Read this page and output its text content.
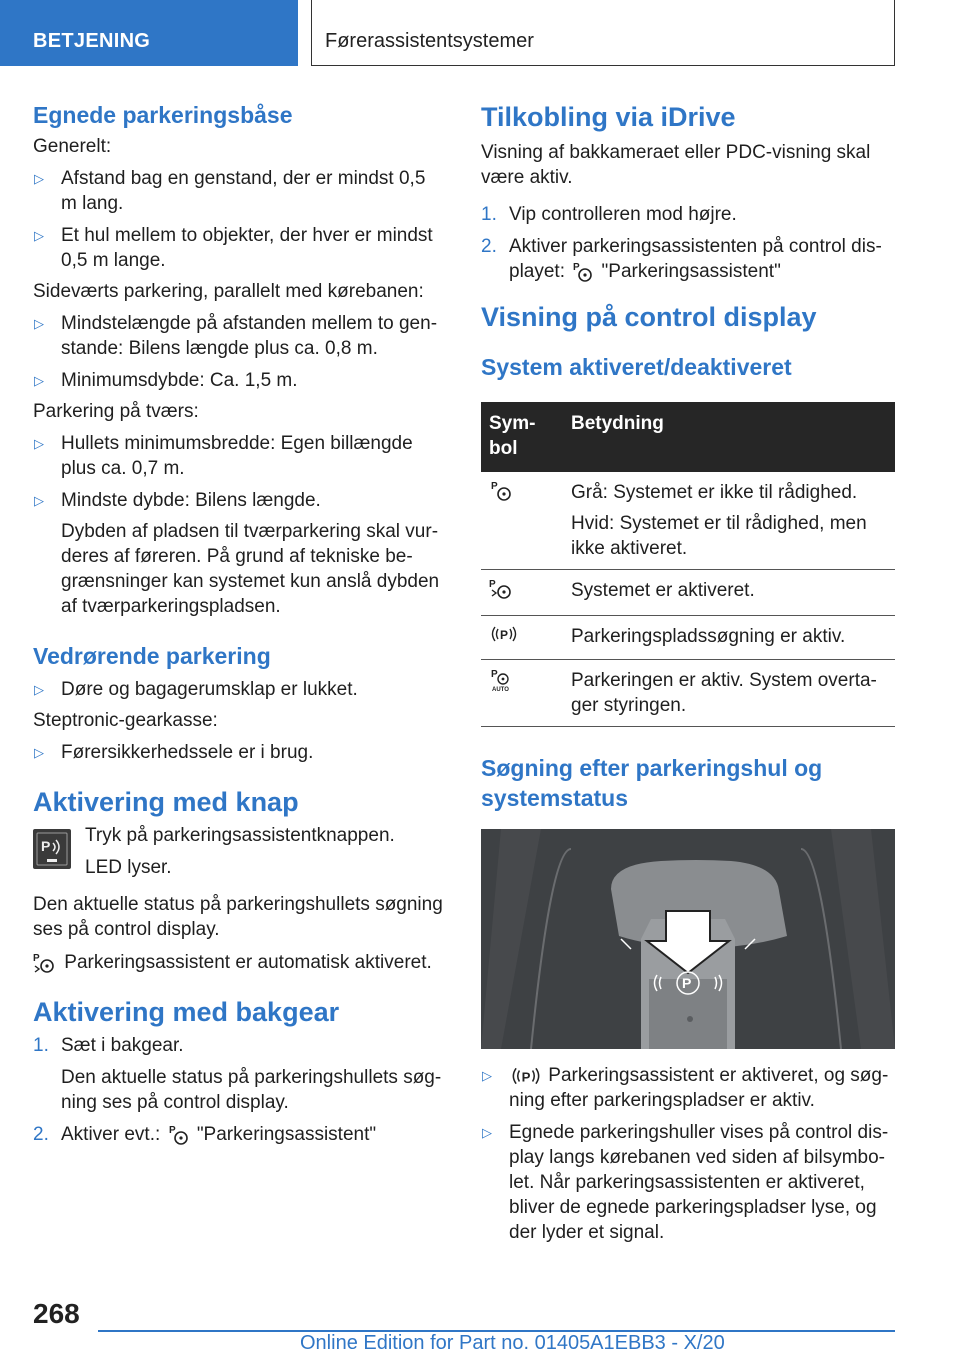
BETJENING	Førerassistentsystemer
Egnede parkeringsbåse

Generelt:

▷ Afstand bag en genstand, der er mindst 0,5 m lang.
▷ Et hul mellem to objekter, der hver er mindst 0,5 m lange.

Sideværts parkering, parallelt med kørebanen:

▷ Mindstelængde på afstanden mellem to genstande: Bilens længde plus ca. 0,8 m.
▷ Minimumsdybde: Ca. 1,5 m.

Parkering på tværs:

▷ Hullets minimumsbredde: Egen billængde plus ca. 0,7 m.
▷ Mindste dybde: Bilens længde.

Dybden af pladsen til tværparkering skal vurderes af føreren. På grund af tekniske begrænsninger kan systemet kun anslå dybden af tværparkeringspladsen.

Vedrørende parkering
▷ Døre og bagagerumsklap er lukket.

Steptronic-gearkasse:

▷ Førersikkerhedssele er i brug.
Aktivering med knap
P Tryk på parkeringsassistentknappen.

LED lyser.

Den aktuelle status på parkeringshullets søgning ses på control display.

P Parkeringsassistent er automatisk aktiveret.

Aktivering med bakgear
1. Sæt i bakgear.

Den aktuelle status på parkeringshullets søgning ses på control display.

2. Aktiver evt.: P "Parkeringsassistent"
Tilkobling via iDrive

Visning af bakkameraet eller PDC-visning skal være aktiv.

1. Vip controlleren mod højre.
2. Aktiver parkeringsassistenten på control displayet: P "Parkeringsassistent"
Visning på control display
System aktiveret/deaktiveret
Symbol	Betydning

P	Grå: Systemet er ikke til rådighed.

Hvid: Systemet er til rådighed, men ikke aktiveret.

P	Systemet er aktiveret.

P	Parkeringspladssøgning er aktiv.

P
AUTO	Parkeringen er aktiv. System overtager styringen.
Søgning efter parkeringshul og systemstatus
P
▷ P Parkeringsassistent er aktiveret, og søgning efter parkeringspladser er aktiv.
▷ Egnede parkeringshuller vises på control display langs kørebanen ved siden af bilsymbolet. Når parkeringsassistenten er aktiveret, bliver de egnede parkeringspladser lyse, og der lyder et signal.
268
Online Edition for Part no. 01405A1EBB3 - X/20
